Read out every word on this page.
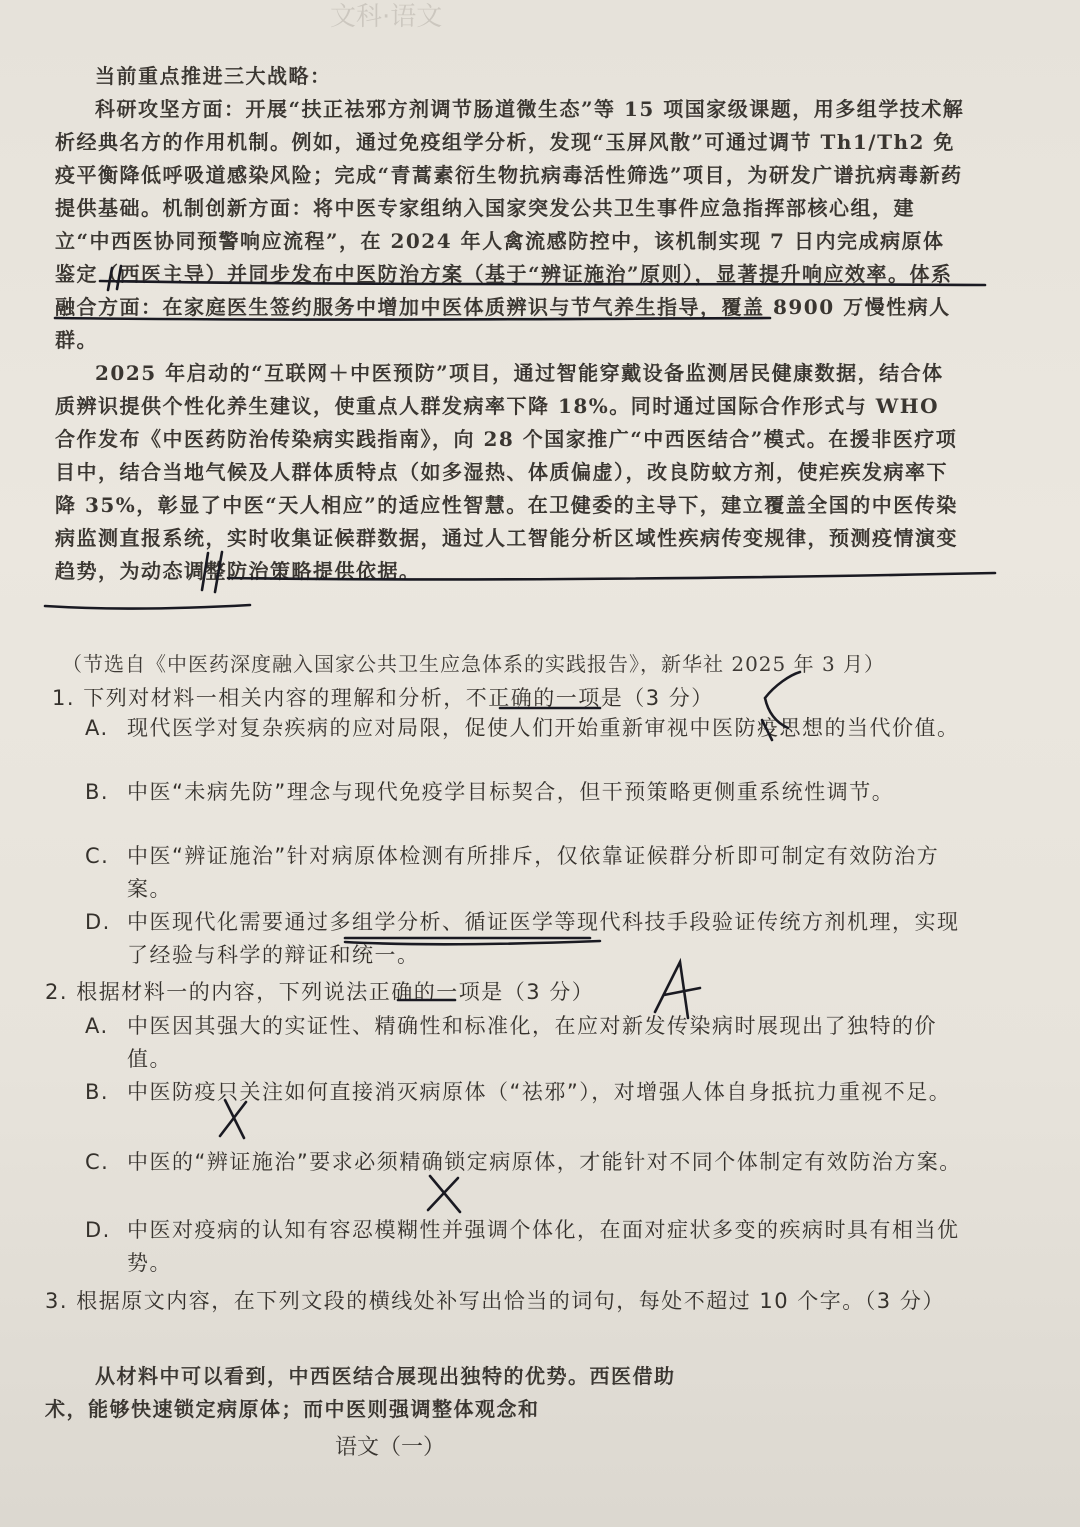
文科·语文

当前重点推进三大战略：

科研攻坚方面：开展“扶正祛邪方剂调节肠道微生态”等 15 项国家级课题，用多组学技术解析经典名方的作用机制。例如，通过免疫组学分析，发现“玉屏风散”可通过调节 Th1/Th2 免疫平衡降低呼吸道感染风险；完成“青蒿素衍生物抗病毒活性筛选”项目，为研发广谱抗病毒新药提供基础。机制创新方面：将中医专家组纳入国家突发公共卫生事件应急指挥部核心组，建立“中西医协同预警响应流程”，在 2024 年人禽流感防控中，该机制实现 7 日内完成病原体鉴定（西医主导）并同步发布中医防治方案（基于“辨证施治”原则），显著提升响应效率。体系融合方面：在家庭医生签约服务中增加中医体质辨识与节气养生指导，覆盖 8900 万慢性病人群。

2025 年启动的“互联网＋中医预防”项目，通过智能穿戴设备监测居民健康数据，结合体质辨识提供个性化养生建议，使重点人群发病率下降 18%。同时通过国际合作形式与 WHO 合作发布《中医药防治传染病实践指南》，向 28 个国家推广“中西医结合”模式。在援非医疗项目中，结合当地气候及人群体质特点（如多湿热、体质偏虚），改良防蚊方剂，使疟疾发病率下降 35%，彰显了中医“天人相应”的适应性智慧。在卫健委的主导下，建立覆盖全国的中医传染病监测直报系统，实时收集证候群数据，通过人工智能分析区域性疾病传变规律，预测疫情演变趋势，为动态调整防治策略提供依据。

（节选自《中医药深度融入国家公共卫生应急体系的实践报告》，新华社 2025 年 3 月）
1. 下列对材料一相关内容的理解和分析，不正确的一项是（3 分）
A. 现代医学对复杂疾病的应对局限，促使人们开始重新审视中医防疫思想的当代价值。
B. 中医“未病先防”理念与现代免疫学目标契合，但干预策略更侧重系统性调节。
C. 中医“辨证施治”针对病原体检测有所排斥，仅依靠证候群分析即可制定有效防治方案。
D. 中医现代化需要通过多组学分析、循证医学等现代科技手段验证传统方剂机理，实现了经验与科学的辩证和统一。
2. 根据材料一的内容，下列说法正确的一项是（3 分）
A. 中医因其强大的实证性、精确性和标准化，在应对新发传染病时展现出了独特的价值。
B. 中医防疫只关注如何直接消灭病原体（“祛邪”），对增强人体自身抵抗力重视不足。
C. 中医的“辨证施治”要求必须精确锁定病原体，才能针对不同个体制定有效防治方案。
D. 中医对疫病的认知有容忍模糊性并强调个体化，在面对症状多变的疾病时具有相当优势。
3. 根据原文内容，在下列文段的横线处补写出恰当的词句，每处不超过 10 个字。（3 分）
从材料中可以看到，中西医结合展现出独特的优势。西医借助
术，能够快速锁定病原体；而中医则强调整体观念和
语文（一）
